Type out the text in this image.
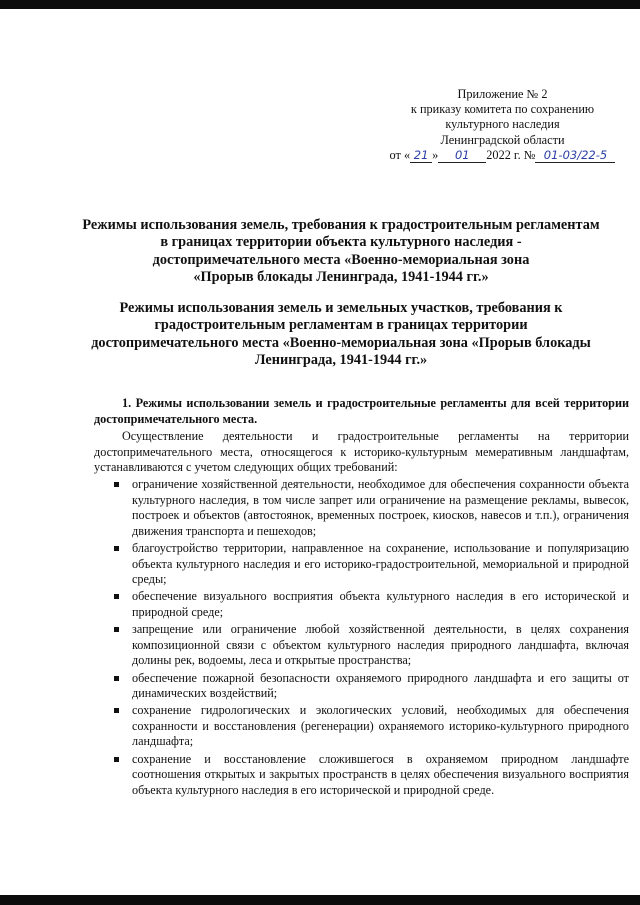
Приложение № 2
к приказу комитета по сохранению
культурного наследия
Ленинградской области
от « 21 » 01 2022 г. № 01-03/22-5
Режимы использования земель, требования к градостроительным регламентам
в границах территории объекта культурного наследия -
достопримечательного места «Военно-мемориальная зона
«Прорыв блокады Ленинграда, 1941-1944 гг.»
Режимы использования земель и земельных участков, требования к
градостроительным регламентам в границах территории
достопримечательного места «Военно-мемориальная зона «Прорыв блокады
Ленинграда, 1941-1944 гг.»
1. Режимы использовании земель и градостроительные регламенты для всей территории достопримечательного места.
Осуществление деятельности и градостроительные регламенты на территории достопримечательного места, относящегося к историко-культурным мемеративным ландшафтам, устанавливаются с учетом следующих общих требований:
ограничение хозяйственной деятельности, необходимое для обеспечения сохранности объекта культурного наследия, в том числе запрет или ограничение на размещение рекламы, вывесок, построек и объектов (автостоянок, временных построек, киосков, навесов и т.п.), ограничения движения транспорта и пешеходов;
благоустройство территории, направленное на сохранение, использование и популяризацию объекта культурного наследия и его историко-градостроительной, мемориальной и природной среды;
обеспечение визуального восприятия объекта культурного наследия в его исторической и природной среде;
запрещение или ограничение любой хозяйственной деятельности, в целях сохранения композиционной связи с объектом культурного наследия природного ландшафта, включая долины рек, водоемы, леса и открытые пространства;
обеспечение пожарной безопасности охраняемого природного ландшафта и его защиты от динамических воздействий;
сохранение гидрологических и экологических условий, необходимых для обеспечения сохранности и восстановления (регенерации) охраняемого историко-культурного природного ландшафта;
сохранение и восстановление сложившегося в охраняемом природном ландшафте соотношения открытых и закрытых пространств в целях обеспечения визуального восприятия объекта культурного наследия в его исторической и природной среде.
